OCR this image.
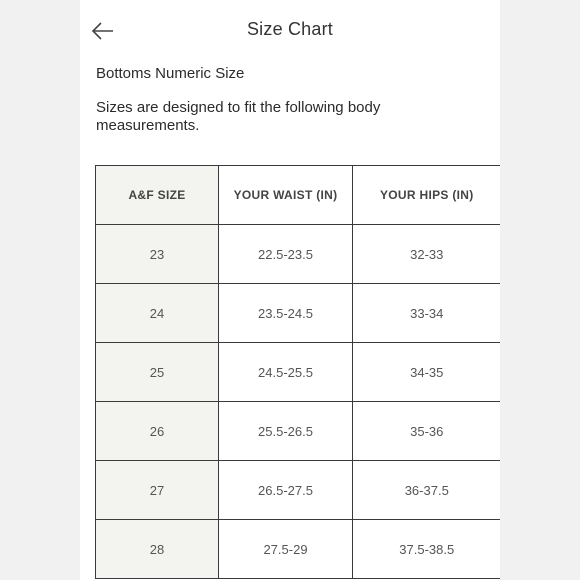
Size Chart
Bottoms Numeric Size
Sizes are designed to fit the following body measurements.
A&F SIZE	YOUR WAIST (IN)	YOUR HIPS (IN)
23	22.5-23.5	32-33
24	23.5-24.5	33-34
25	24.5-25.5	34-35
26	25.5-26.5	35-36
27	26.5-27.5	36-37.5
28	27.5-29	37.5-38.5
